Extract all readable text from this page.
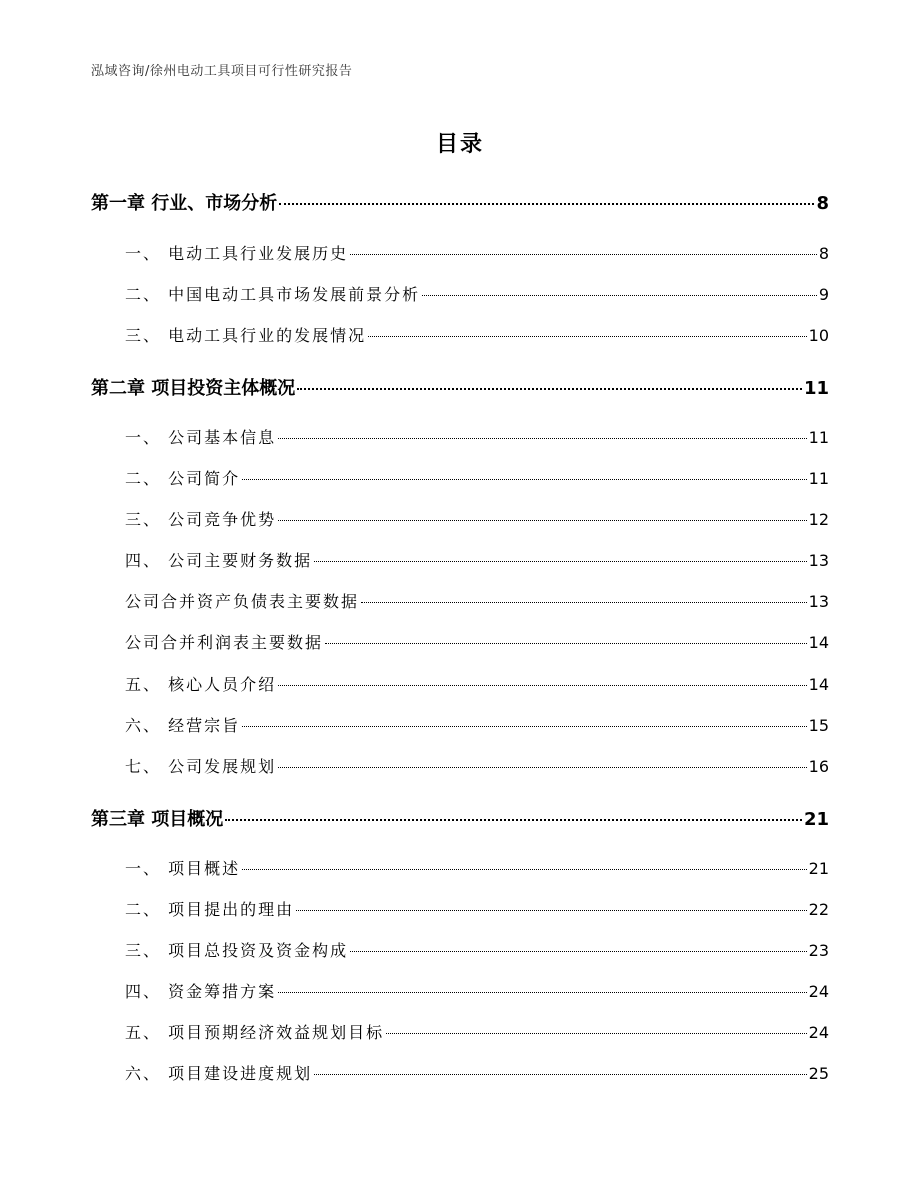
泓域咨询/徐州电动工具项目可行性研究报告
目录
第一章 行业、市场分析	8
一、 电动工具行业发展历史	8
二、 中国电动工具市场发展前景分析	9
三、 电动工具行业的发展情况	10
第二章 项目投资主体概况	11
一、 公司基本信息	11
二、 公司简介	11
三、 公司竞争优势	12
四、 公司主要财务数据	13
公司合并资产负债表主要数据	13
公司合并利润表主要数据	14
五、 核心人员介绍	14
六、 经营宗旨	15
七、 公司发展规划	16
第三章 项目概况	21
一、 项目概述	21
二、 项目提出的理由	22
三、 项目总投资及资金构成	23
四、 资金筹措方案	24
五、 项目预期经济效益规划目标	24
六、 项目建设进度规划	25
